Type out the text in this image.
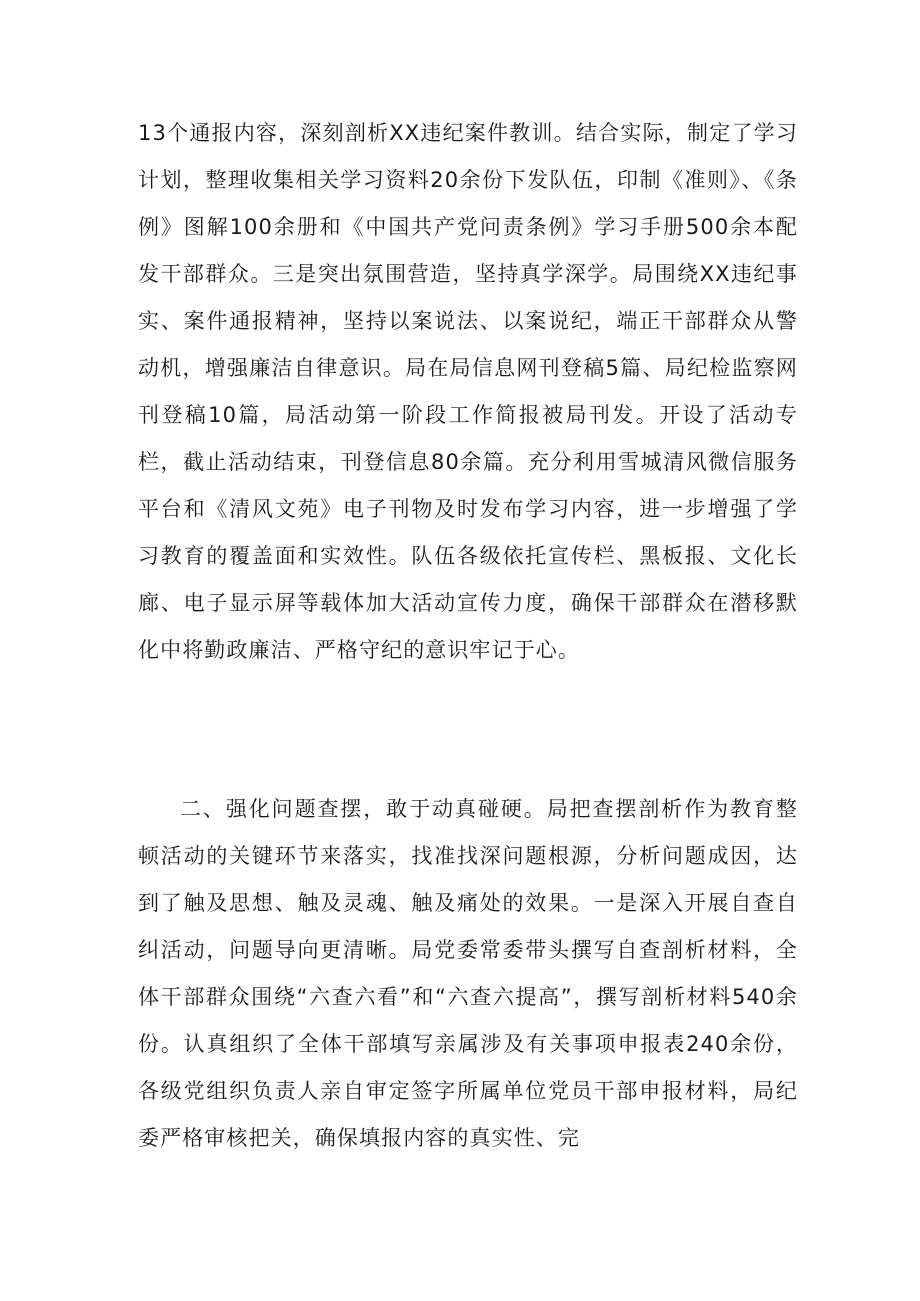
13个通报内容，深刻剖析XX违纪案件教训。结合实际，制定了学习计划，整理收集相关学习资料20余份下发队伍，印制《准则》、《条例》图解100余册和《中国共产党问责条例》学习手册500余本配发干部群众。三是突出氛围营造，坚持真学深学。局围绕XX违纪事实、案件通报精神，坚持以案说法、以案说纪，端正干部群众从警动机，增强廉洁自律意识。局在局信息网刊登稿5篇、局纪检监察网刊登稿10篇，局活动第一阶段工作简报被局刊发。开设了活动专栏，截止活动结束，刊登信息80余篇。充分利用雪城清风微信服务平台和《清风文苑》电子刊物及时发布学习内容，进一步增强了学习教育的覆盖面和实效性。队伍各级依托宣传栏、黑板报、文化长廊、电子显示屏等载体加大活动宣传力度，确保干部群众在潜移默化中将勤政廉洁、严格守纪的意识牢记于心。

二、强化问题查摆，敢于动真碰硬。局把查摆剖析作为教育整顿活动的关键环节来落实，找准找深问题根源，分析问题成因，达到了触及思想、触及灵魂、触及痛处的效果。一是深入开展自查自纠活动，问题导向更清晰。局党委常委带头撰写自查剖析材料，全体干部群众围绕“六查六看”和“六查六提高”，撰写剖析材料540余份。认真组织了全体干部填写亲属涉及有关事项申报表240余份，各级党组织负责人亲自审定签字所属单位党员干部申报材料，局纪委严格审核把关，确保填报内容的真实性、完
